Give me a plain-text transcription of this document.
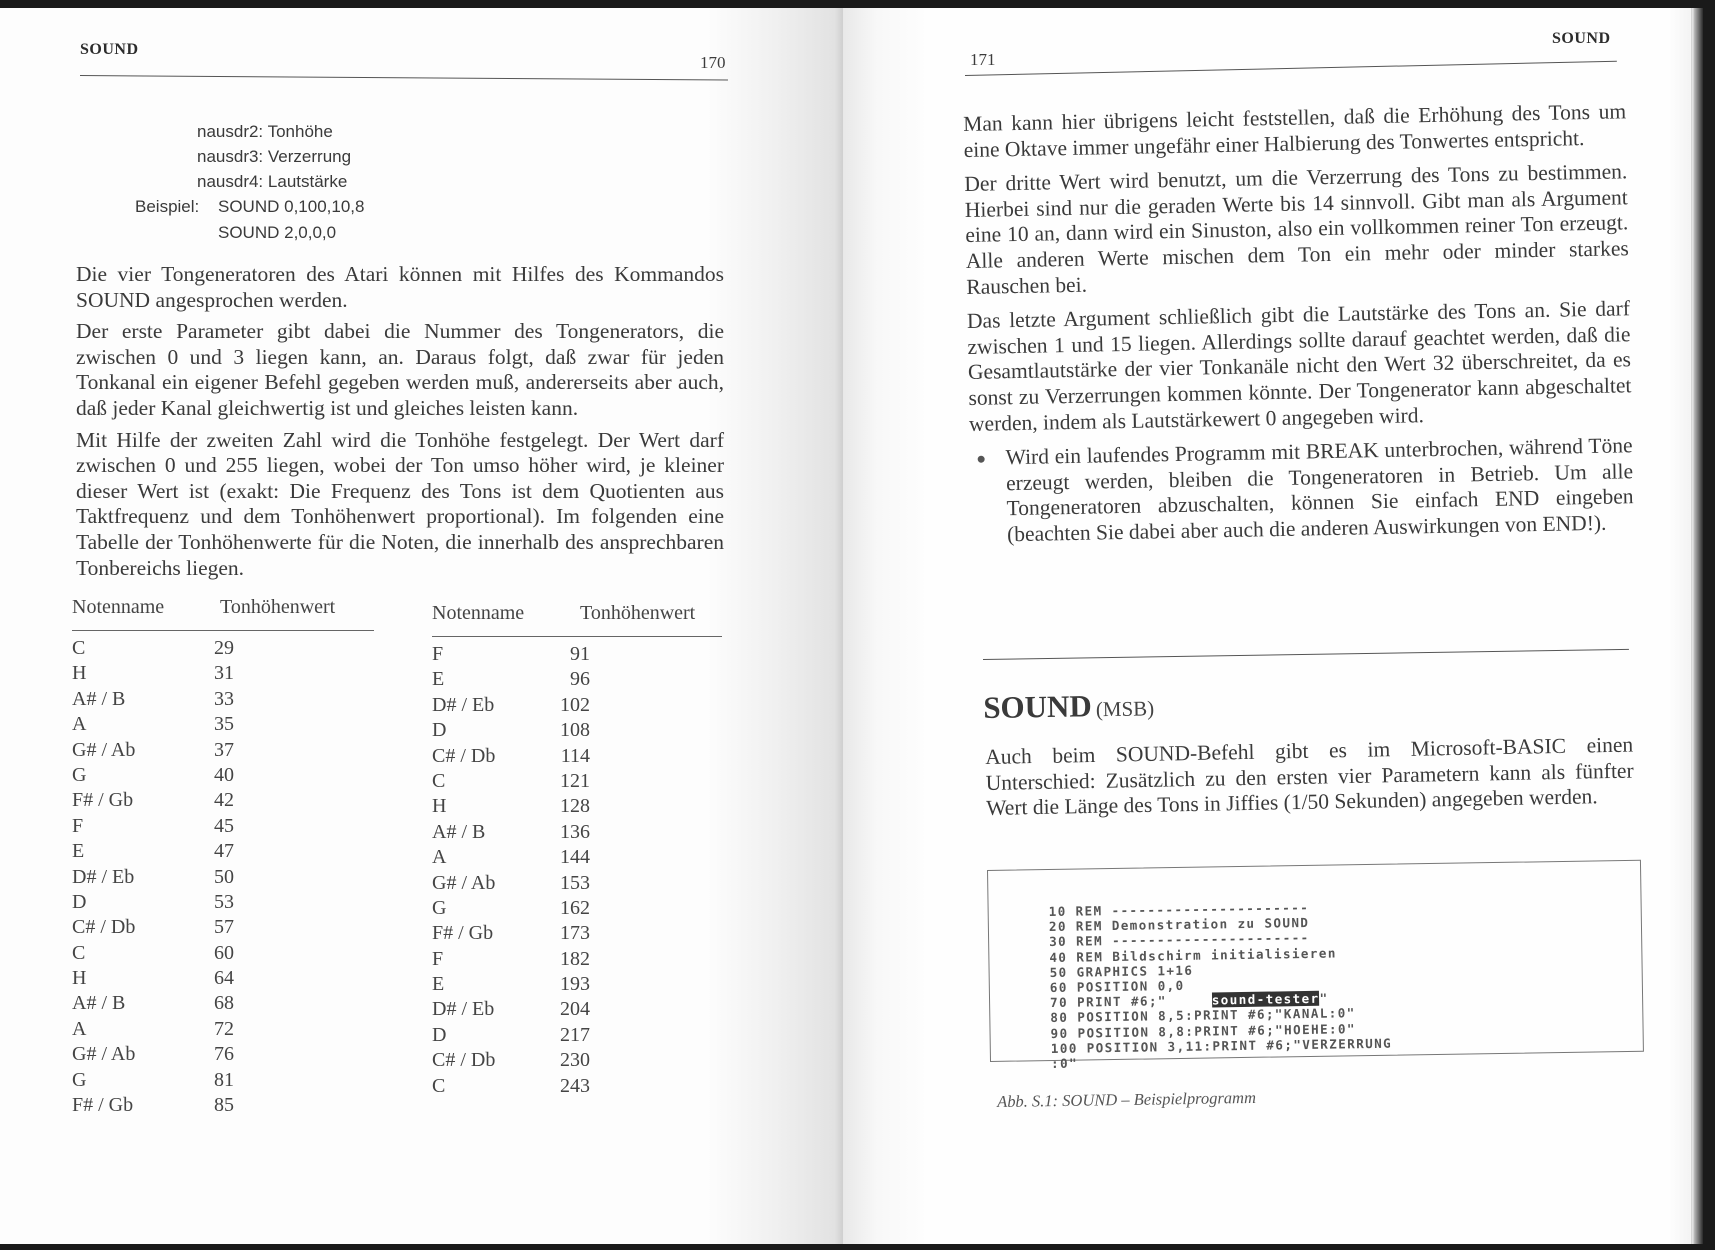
SOUND
170
nausdr2: Tonhöhe
nausdr3: Verzerrung
nausdr4: Lautstärke
Beispiel: SOUND 0,100,10,8
SOUND 2,0,0,0

Die vier Tongeneratoren des Atari können mit Hilfes des Kommandos SOUND angesprochen werden.

Der erste Parameter gibt dabei die Nummer des Tongenerators, die zwischen 0 und 3 liegen kann, an. Daraus folgt, daß zwar für jeden Tonkanal ein eigener Befehl gegeben werden muß, andererseits aber auch, daß jeder Kanal gleichwertig ist und gleiches leisten kann.

Mit Hilfe der zweiten Zahl wird die Tonhöhe festgelegt. Der Wert darf zwischen 0 und 255 liegen, wobei der Ton umso höher wird, je kleiner dieser Wert ist (exakt: Die Frequenz des Tons ist dem Quotienten aus Taktfrequenz und dem Tonhöhenwert proportional). Im folgenden eine Tabelle der Tonhöhenwerte für die Noten, die innerhalb des ansprechbaren Tonbereichs liegen.

Notenname	Tonhöhenwert
C	29
H	31
A# / B	33
A	35
G# / Ab	37
G	40
F# / Gb	42
F	45
E	47
D# / Eb	50
D	53
C# / Db	57
C	60
H	64
A# / B	68
A	72
G# / Ab	76
G	81
F# / Gb	85
Notenname	Tonhöhenwert
F	91
E	96
D# / Eb	102
D	108
C# / Db	114
C	121
H	128
A# / B	136
A	144
G# / Ab	153
G	162
F# / Gb	173
F	182
E	193
D# / Eb	204
D	217
C# / Db	230
C	243
171
SOUND

Man kann hier übrigens leicht feststellen, daß die Erhöhung des Tons um eine Oktave immer ungefähr einer Halbierung des Tonwertes entspricht.

Der dritte Wert wird benutzt, um die Verzerrung des Tons zu bestimmen. Hierbei sind nur die geraden Werte bis 14 sinnvoll. Gibt man als Argument eine 10 an, dann wird ein Sinuston, also ein vollkommen reiner Ton erzeugt. Alle anderen Werte mischen dem Ton ein mehr oder minder starkes Rauschen bei.

Das letzte Argument schließlich gibt die Lautstärke des Tons an. Sie darf zwischen 1 und 15 liegen. Allerdings sollte darauf geachtet werden, daß die Gesamtlautstärke der vier Tonkanäle nicht den Wert 32 überschreitet, da es sonst zu Verzerrungen kommen könnte. Der Tongenerator kann abgeschaltet werden, indem als Lautstärkewert 0 angegeben wird.

Wird ein laufendes Programm mit BREAK unterbrochen, während Töne erzeugt werden, bleiben die Tongeneratoren in Betrieb. Um alle Tongeneratoren abzuschalten, können Sie einfach END eingeben (beachten Sie dabei aber auch die anderen Auswirkungen von END!).
SOUND (MSB)

Auch beim SOUND-Befehl gibt es im Microsoft-BASIC einen Unterschied: Zusätzlich zu den ersten vier Parametern kann als fünfter Wert die Länge des Tons in Jiffies (1/50 Sekunden) angegeben werden.

10 REM ----------------------
20 REM Demonstration zu SOUND
30 REM ----------------------
40 REM Bildschirm initialisieren
50 GRAPHICS 1+16
60 POSITION 0,0
70 PRINT #6;"     sound-tester"
80 POSITION 8,5:PRINT #6;"KANAL:0"
90 POSITION 8,8:PRINT #6;"HOEHE:0"
100 POSITION 3,11:PRINT #6;"VERZERRUNG
:0"
Abb. S.1: SOUND – Beispielprogramm
